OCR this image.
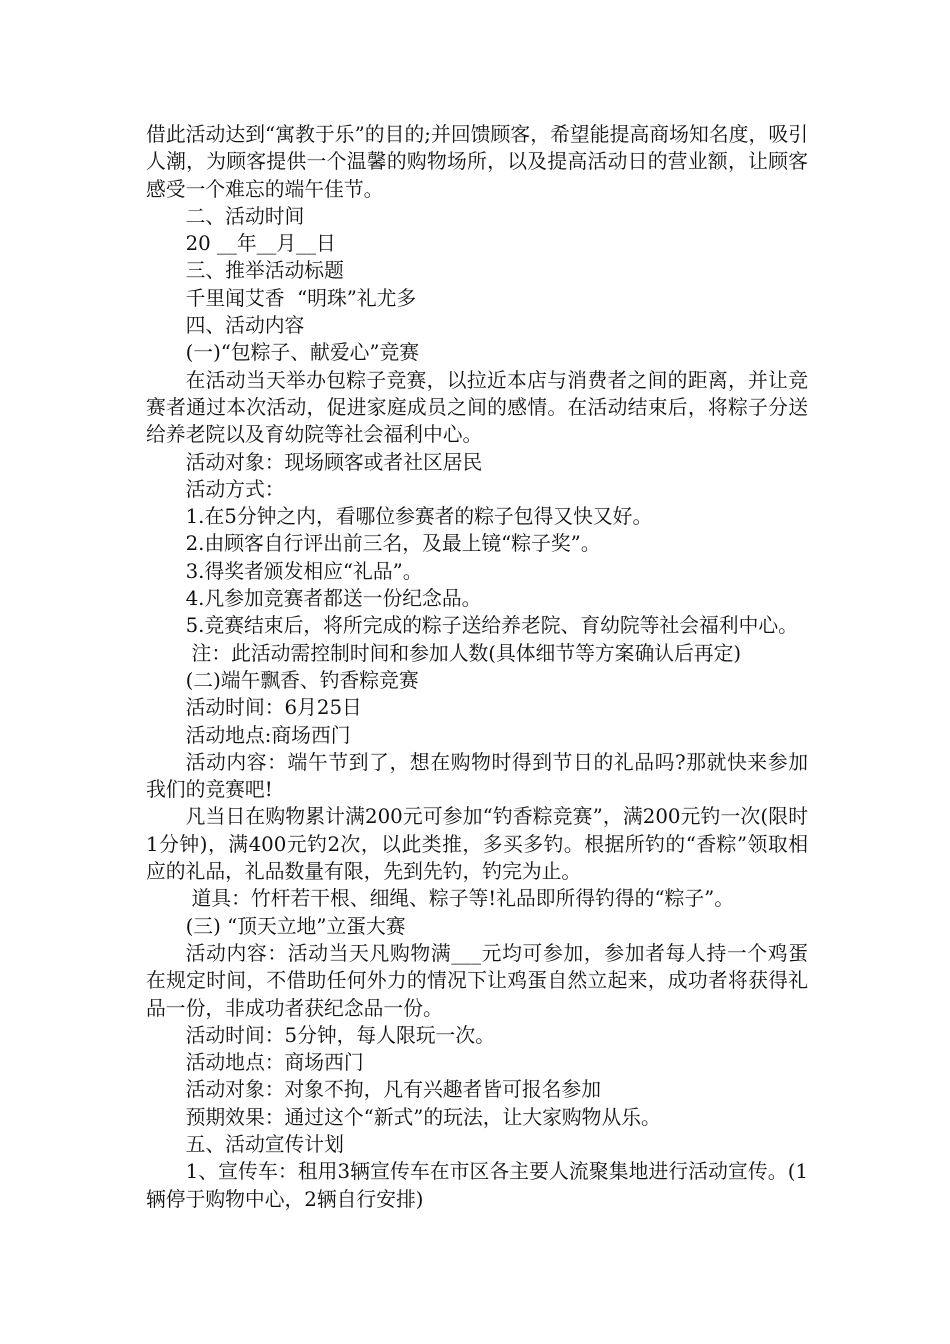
借此活动达到“寓教于乐”的目的;并回馈顾客，希望能提高商场知名度，吸引人潮，为顾客提供一个温馨的购物场所，以及提高活动日的营业额，让顾客感受一个难忘的端午佳节。

二、活动时间

20 __年__月__日

三、推举活动标题

千里闻艾香  “明珠”礼尤多

四、活动内容

(一)“包粽子、献爱心”竞赛

在活动当天举办包粽子竞赛，以拉近本店与消费者之间的距离，并让竞赛者通过本次活动，促进家庭成员之间的感情。在活动结束后，将粽子分送给养老院以及育幼院等社会福利中心。

活动对象：现场顾客或者社区居民

活动方式：

1.在5分钟之内，看哪位参赛者的粽子包得又快又好。

2.由顾客自行评出前三名，及最上镜“粽子奖”。

3.得奖者颁发相应“礼品”。

4.凡参加竞赛者都送一份纪念品。

5.竞赛结束后，将所完成的粽子送给养老院、育幼院等社会福利中心。

注：此活动需控制时间和参加人数(具体细节等方案确认后再定)

(二)端午飘香、钓香粽竞赛

活动时间：6月25日

活动地点:商场西门

活动内容：端午节到了，想在购物时得到节日的礼品吗?那就快来参加我们的竞赛吧!

凡当日在购物累计满200元可参加“钓香粽竞赛”，满200元钓一次(限时1分钟)，满400元钓2次，以此类推，多买多钓。根据所钓的“香粽”领取相应的礼品，礼品数量有限，先到先钓，钓完为止。

道具：竹杆若干根、细绳、粽子等!礼品即所得钓得的“粽子”。

(三) “顶天立地”立蛋大赛

活动内容：活动当天凡购物满___元均可参加，参加者每人持一个鸡蛋在规定时间，不借助任何外力的情况下让鸡蛋自然立起来，成功者将获得礼品一份，非成功者获纪念品一份。

活动时间：5分钟，每人限玩一次。

活动地点：商场西门

活动对象：对象不拘，凡有兴趣者皆可报名参加

预期效果：通过这个“新式”的玩法，让大家购物从乐。

五、活动宣传计划

1、宣传车：租用3辆宣传车在市区各主要人流聚集地进行活动宣传。(1辆停于购物中心，2辆自行安排)
